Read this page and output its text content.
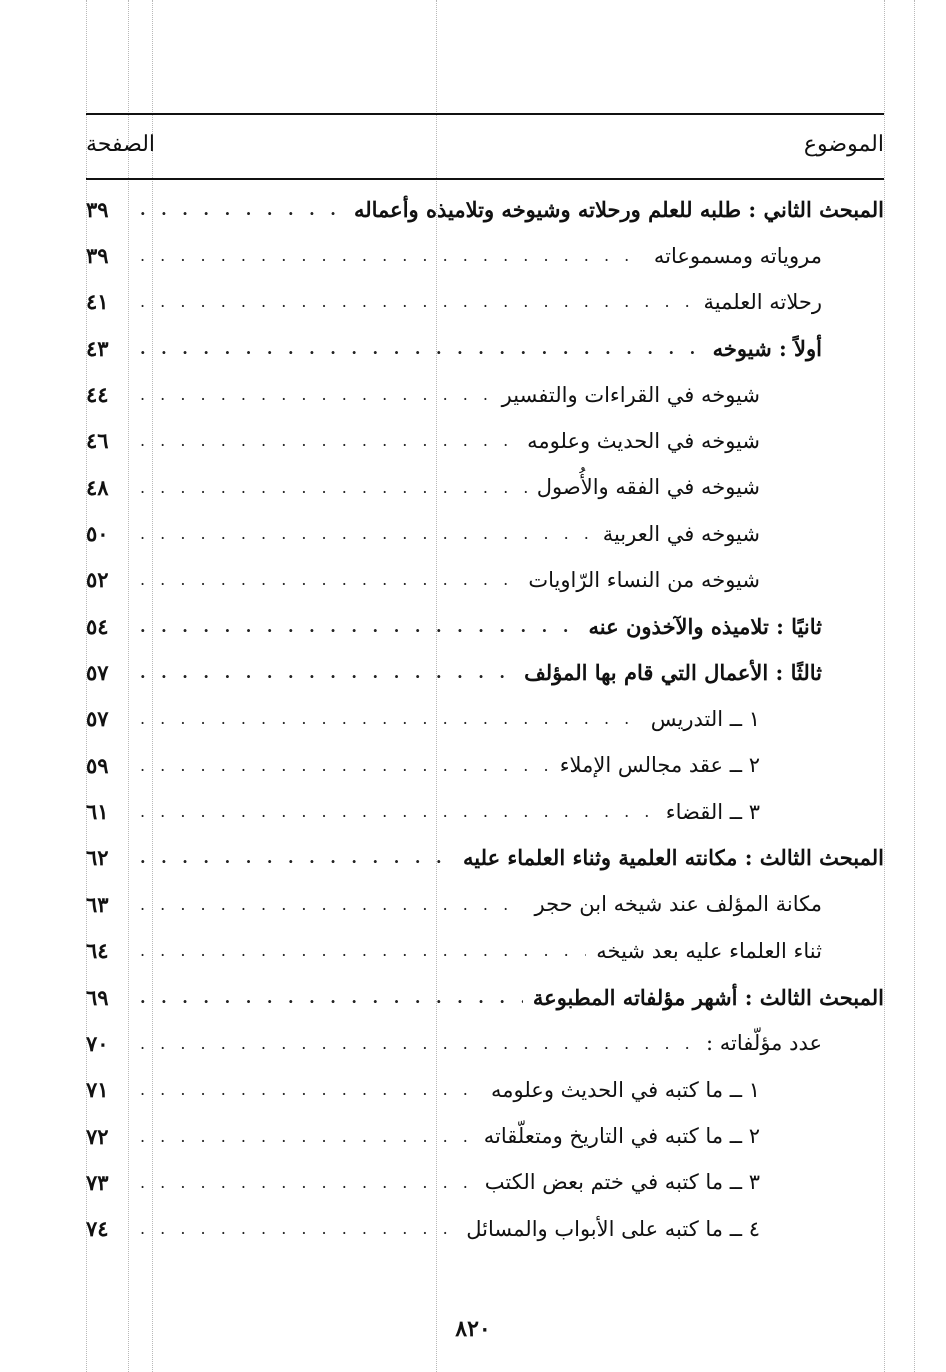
الموضوع
الصفحة
المبحث الثاني : طلبه للعلم ورحلاته وشيوخه وتلاميذه وأعماله
. . .
٣٩
مروياته ومسموعاته
. . .
٣٩
رحلاته العلمية
. . .
٤١
أولاً : شيوخه
. . .
٤٣
شيوخه في القراءات والتفسير
. . .
٤٤
شيوخه في الحديث وعلومه
. . .
٤٦
شيوخه في الفقه والأُصول
. . .
٤٨
شيوخه في العربية
. . .
٥٠
شيوخه من النساء الرّاويات
. . .
٥٢
ثانيًا : تلاميذه والآخذون عنه
. . .
٥٤
ثالثًا : الأعمال التي قام بها المؤلف
. . .
٥٧
١ ــ التدريس
. . .
٥٧
٢ ــ عقد مجالس الإملاء
. . .
٥٩
٣ ــ القضاء
. . .
٦١
المبحث الثالث : مكانته العلمية وثناء العلماء عليه
. . .
٦٢
مكانة المؤلف عند شيخه ابن حجر
. . .
٦٣
ثناء العلماء عليه بعد شيخه
. . .
٦٤
المبحث الثالث : أشهر مؤلفاته المطبوعة
. . .
٦٩
عدد مؤلّفاته :
. . .
٧٠
١ ــ ما كتبه في الحديث وعلومه
. . .
٧١
٢ ــ ما كتبه في التاريخ ومتعلّقاته
. . .
٧٢
٣ ــ ما كتبه في ختم بعض الكتب
. . .
٧٣
٤ ــ ما كتبه على الأبواب والمسائل
. . .
٧٤
٨٢٠
